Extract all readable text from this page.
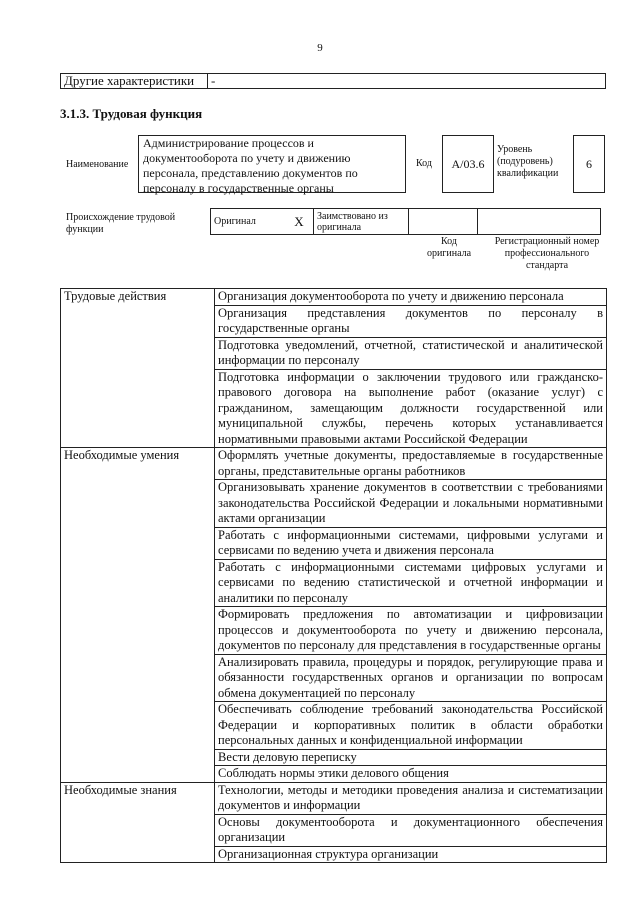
9
Другие характеристики	-
3.1.3. Трудовая функция
Наименование
Администрирование процессов и документооборота по учету и движению персонала, представлению документов по персоналу в государственные органы
Код	A/03.6
Уровень (подуровень) квалификации
6
Происхождение трудовой функции
Оригинал	X	Заимствовано из оригинала		
Код оригинала
Регистрационный номер профессионального стандарта
Трудовые действия	Организация документооборота по учету и движению персонала
	Организация представления документов по персоналу в государственные органы
	Подготовка уведомлений, отчетной, статистической и аналитической информации по персоналу
	Подготовка информации о заключении трудового или гражданско-правового договора на выполнение работ (оказание услуг) с гражданином, замещающим должности государственной или муниципальной службы, перечень которых устанавливается нормативными правовыми актами Российской Федерации
Необходимые умения	Оформлять учетные документы, предоставляемые в государственные органы, представительные органы работников
	Организовывать хранение документов в соответствии с требованиями законодательства Российской Федерации и локальными нормативными актами организации
	Работать с информационными системами, цифровыми услугами и сервисами по ведению учета и движения персонала
	Работать с информационными системами цифровых услугами и сервисами по ведению статистической и отчетной информации и аналитики по персоналу
	Формировать предложения по автоматизации и цифровизации процессов и документооборота по учету и движению персонала, документов по персоналу для представления в государственные органы
	Анализировать правила, процедуры и порядок, регулирующие права и обязанности государственных органов и организации по вопросам обмена документацией по персоналу
	Обеспечивать соблюдение требований законодательства Российской Федерации и корпоративных политик в области обработки персональных данных и конфиденциальной информации
	Вести деловую переписку
	Соблюдать нормы этики делового общения
Необходимые знания	Технологии, методы и методики проведения анализа и систематизации документов и информации
	Основы документооборота и документационного обеспечения организации
	Организационная структура организации
